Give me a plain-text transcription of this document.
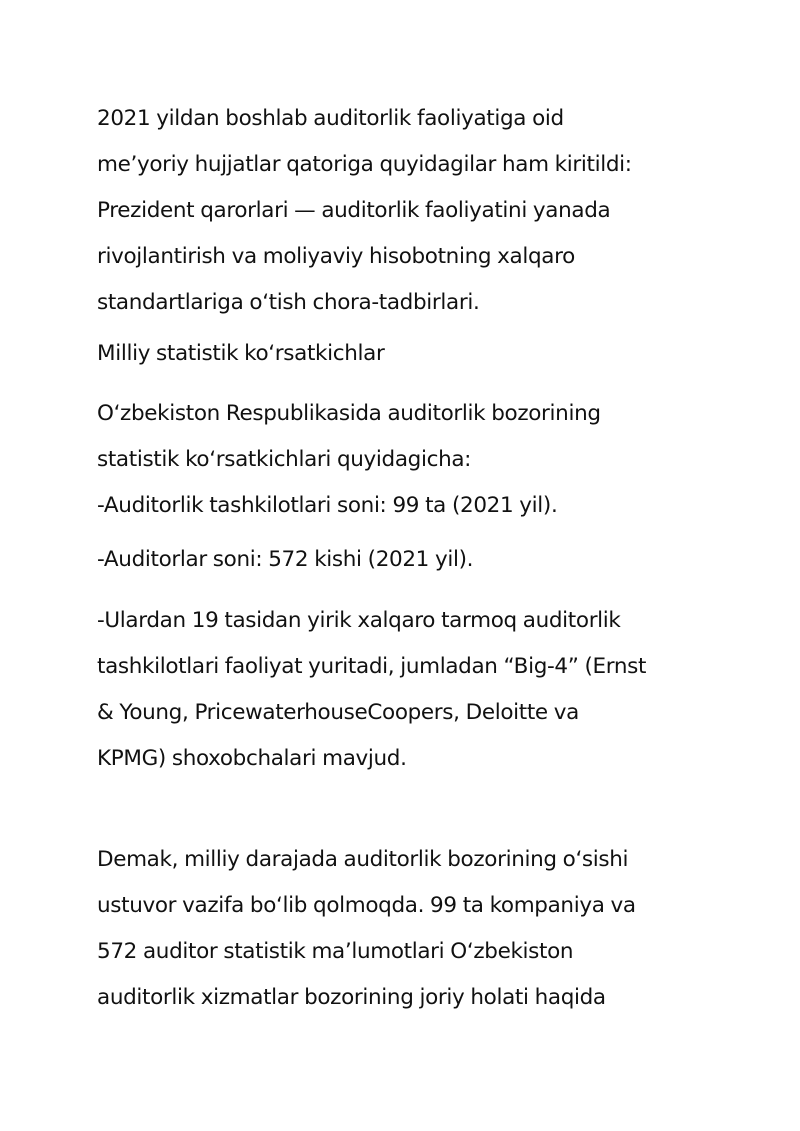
2021 yildan boshlab auditorlik faoliyatiga oid

me’yoriy hujjatlar qatoriga quyidagilar ham kiritildi:

Prezident qarorlari — auditorlik faoliyatini yanada

rivojlantirish va moliyaviy hisobotning xalqaro

standartlariga o‘tish chora-tadbirlari.

Milliy statistik ko‘rsatkichlar

O‘zbekiston Respublikasida auditorlik bozorining

statistik ko‘rsatkichlari quyidagicha:

-Auditorlik tashkilotlari soni: 99 ta (2021 yil).

-Auditorlar soni: 572 kishi (2021 yil).

-Ulardan 19 tasidan yirik xalqaro tarmoq auditorlik

tashkilotlari faoliyat yuritadi, jumladan “Big-4” (Ernst

& Young, PricewaterhouseCoopers, Deloitte va

KPMG) shoxobchalari mavjud.

Demak, milliy darajada auditorlik bozorining o‘sishi

ustuvor vazifa bo‘lib qolmoqda. 99 ta kompaniya va

572 auditor statistik ma’lumotlari O‘zbekiston

auditorlik xizmatlar bozorining joriy holati haqida
